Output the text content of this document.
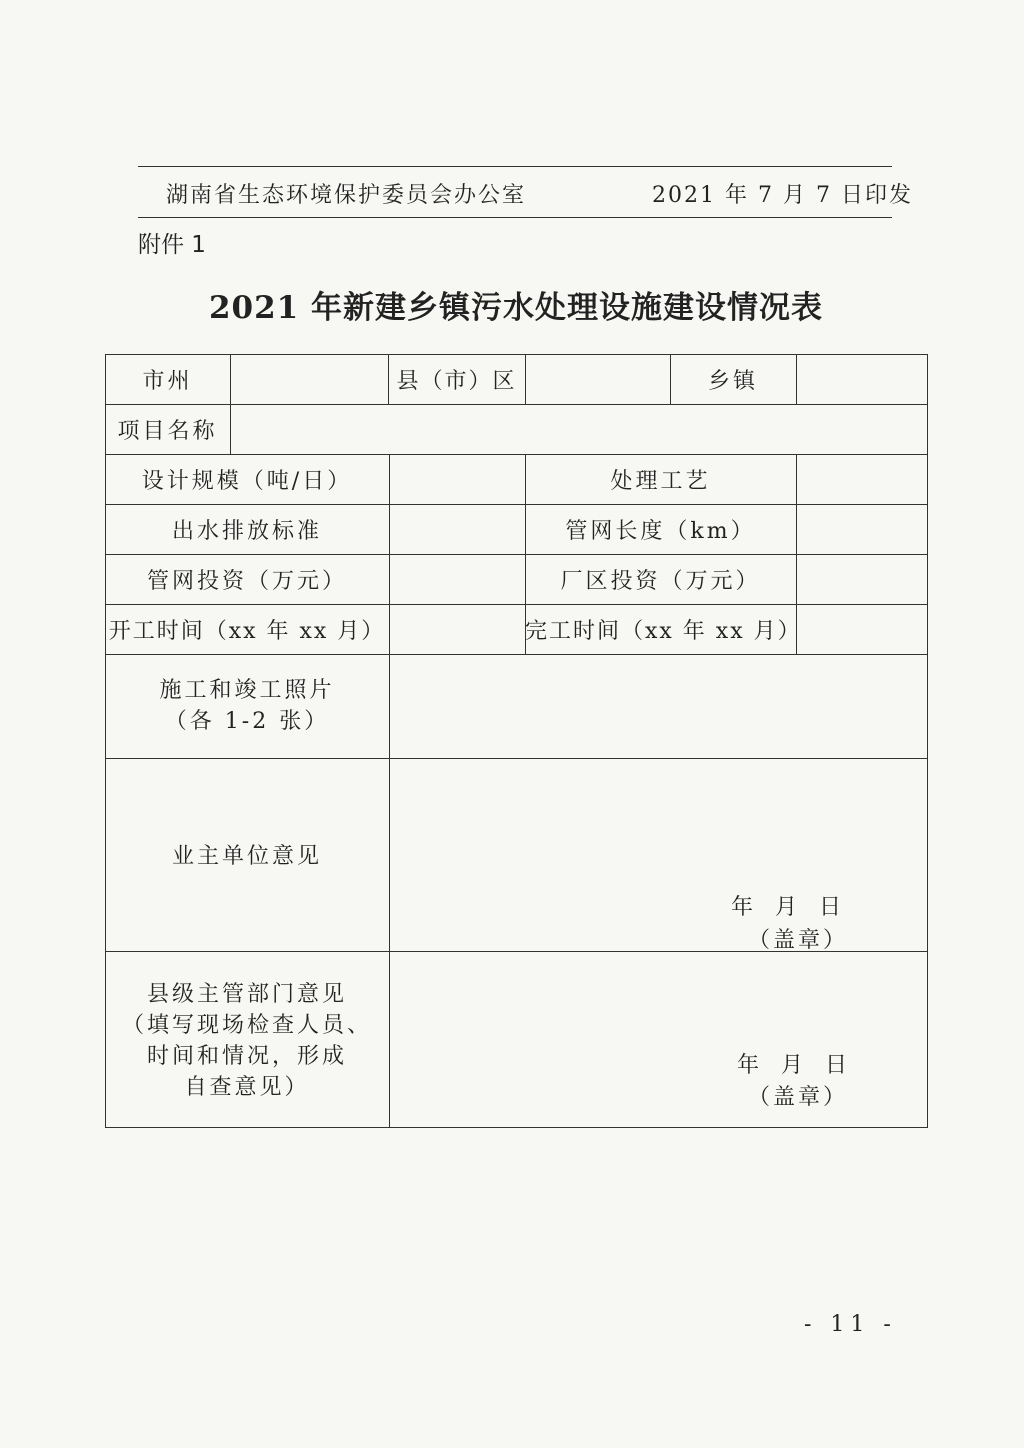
湖南省生态环境保护委员会办公室	2021 年 7 月 7 日印发
附件 1
2021 年新建乡镇污水处理设施建设情况表
市州	县（市）区	乡镇
项目名称
设计规模（吨/日）	处理工艺
出水排放标准	管网长度（km）
管网投资（万元）	厂区投资（万元）
开工时间（xx 年 xx 月）	完工时间（xx 年 xx 月）
施工和竣工照片
（各 1-2 张）
业主单位意见
年月日
（盖章）
县级主管部门意见
（填写现场检查人员、
时间和情况，形成
自查意见）
年月日
（盖章）
- 11 -
